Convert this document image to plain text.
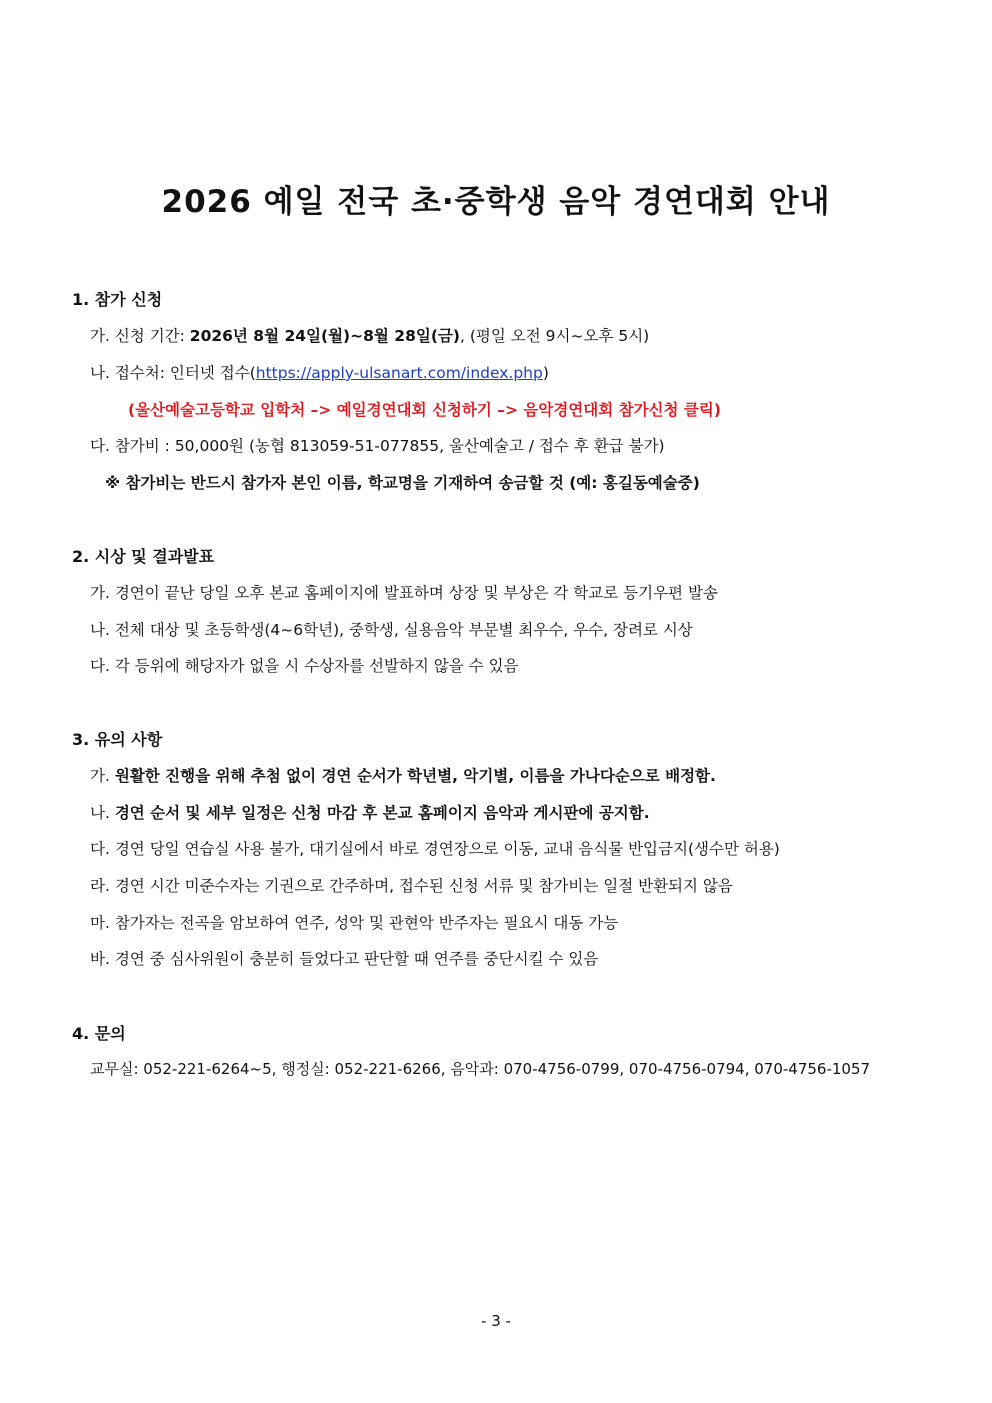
2026 예일 전국 초·중학생 음악 경연대회 안내

1. 참가 신청

가. 신청 기간: 2026년 8월 24일(월)~8월 28일(금), (평일 오전 9시~오후 5시)

나. 접수처: 인터넷 접수(https://apply-ulsanart.com/index.php)

(울산예술고등학교 입학처 –> 예일경연대회 신청하기 –> 음악경연대회 참가신청 클릭)

다. 참가비 : 50,000원 (농협 813059-51-077855, 울산예술고 / 접수 후 환급 불가)

※ 참가비는 반드시 참가자 본인 이름, 학교명을 기재하여 송금할 것 (예: 홍길동예술중)

2. 시상 및 결과발표

가. 경연이 끝난 당일 오후 본교 홈페이지에 발표하며 상장 및 부상은 각 학교로 등기우편 발송

나. 전체 대상 및 초등학생(4~6학년), 중학생, 실용음악 부문별 최우수, 우수, 장려로 시상

다. 각 등위에 해당자가 없을 시 수상자를 선발하지 않을 수 있음

3. 유의 사항

가. 원활한 진행을 위해 추첨 없이 경연 순서가 학년별, 악기별, 이름을 가나다순으로 배정함.

나. 경연 순서 및 세부 일정은 신청 마감 후 본교 홈페이지 음악과 게시판에 공지함.

다. 경연 당일 연습실 사용 불가, 대기실에서 바로 경연장으로 이동, 교내 음식물 반입금지(생수만 허용)

라. 경연 시간 미준수자는 기권으로 간주하며, 접수된 신청 서류 및 참가비는 일절 반환되지 않음

마. 참가자는 전곡을 암보하여 연주, 성악 및 관현악 반주자는 필요시 대동 가능

바. 경연 중 심사위원이 충분히 들었다고 판단할 때 연주를 중단시킬 수 있음

4. 문의

교무실: 052-221-6264~5, 행정실: 052-221-6266, 음악과: 070-4756-0799, 070-4756-0794, 070-4756-1057

- 3 -
